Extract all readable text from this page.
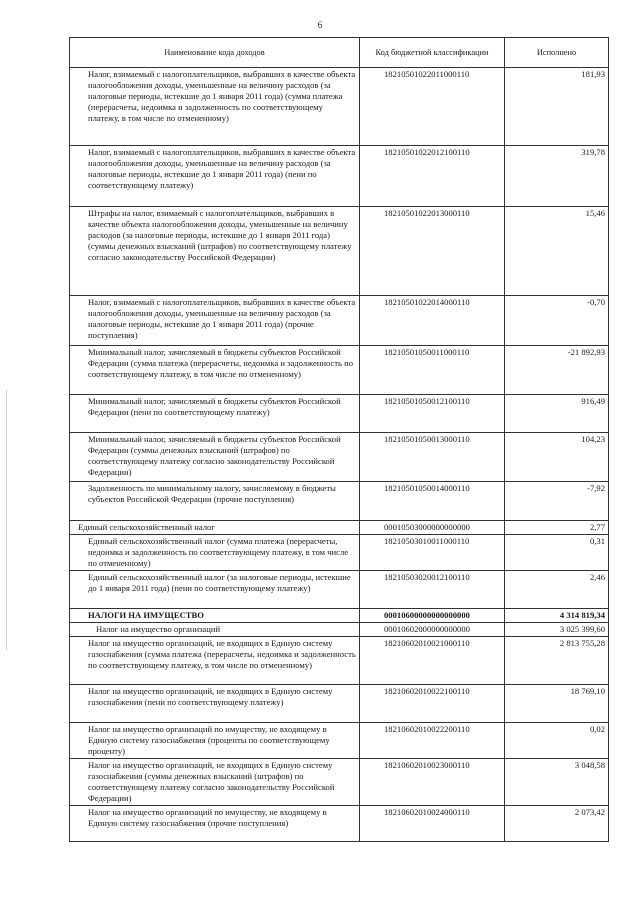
6
Наименование кода доходов	Код бюджетной классификации	Исполнено
Налог, взимаемый с налогоплательщиков, выбравших в качестве объекта налогообложения доходы, уменьшенные на величину расходов (за налоговые периоды, истекшие до 1 января 2011 года) (сумма платежа (перерасчеты, недоимка и задолженность по соответствующему платежу, в том числе по отмененному)	18210501022011000110	181,93
Налог, взимаемый с налогоплательщиков, выбравших в качестве объекта налогообложения доходы, уменьшенные на величину расходов (за налоговые периоды, истекшие до 1 января 2011 года) (пени по соответствующему платежу)	18210501022012100110	319,78
Штрафы на налог, взимаемый с налогоплательщиков, выбравших в качестве объекта налогообложения доходы, уменьшенные на величину расходов (за налоговые периоды, истекшие до 1 января 2011 года) (суммы денежных взысканий (штрафов) по соответствующему платежу согласно законодательству Российской Федерации)	18210501022013000110	15,46
Налог, взимаемый с налогоплательщиков, выбравших в качестве объекта налогообложения доходы, уменьшенные на величину расходов (за налоговые периоды, истекшие до 1 января 2011 года) (прочие поступления)	18210501022014000110	-0,70
Минимальный налог, зачисляемый в бюджеты субъектов Российской Федерации (сумма платежа (перерасчеты, недоимка и задолженность по соответствующему платежу, в том числе по отмененному)	18210501050011000110	-21 892,93
Минимальный налог, зачисляемый в бюджеты субъектов Российской Федерации (пени по соответствующему платежу)	18210501050012100110	916,49
Минимальный налог, зачисляемый в бюджеты субъектов Российской Федерации (суммы денежных взысканий (штрафов) по соответствующему платежу согласно законодательству Российской Федерации)	18210501050013000110	104,23
Задолженность по минимальному налогу, зачисляемому в бюджеты субъектов Российской Федерации (прочие поступления)	18210501050014000110	-7,92
Единый сельскохозяйственный налог	00010503000000000000	2,77
Единый сельскохозяйственный налог (сумма платежа (перерасчеты, недоимка и задолженность по соответствующему платежу, в том числе по отмененному)	18210503010011000110	0,31
Единый сельскохозяйственный налог (за налоговые периоды, истекшие до 1 января 2011 года) (пени по соответствующему платежу)	18210503020012100110	2,46
НАЛОГИ НА ИМУЩЕСТВО	00010600000000000000	4 314 819,34
Налог на имущество организаций	00010602000000000000	3 025 399,60
Налог на имущество организаций, не входящих в Единую систему газоснабжения (сумма платежа (перерасчеты, недоимка и задолженность по соответствующему платежу, в том числе по отмененному)	18210602010021000110	2 813 755,28
Налог на имущество организаций, не входящих в Единую систему газоснабжения (пени по соответствующему платежу)	18210602010022100110	18 769,10
Налог на имущество организаций по имуществу, не входящему в Единую систему газоснабжения (проценты по соответствующему проценту)	18210602010022200110	0,02
Налог на имущество организаций, не входящих в Единую систему газоснабжения (суммы денежных взысканий (штрафов) по соответствующему платежу согласно законодательству Российской Федерации)	18210602010023000110	3 048,58
Налог на имущество организаций по имуществу, не входящему в Единую систему газоснабжения (прочие поступления)	18210602010024000110	2 073,42
